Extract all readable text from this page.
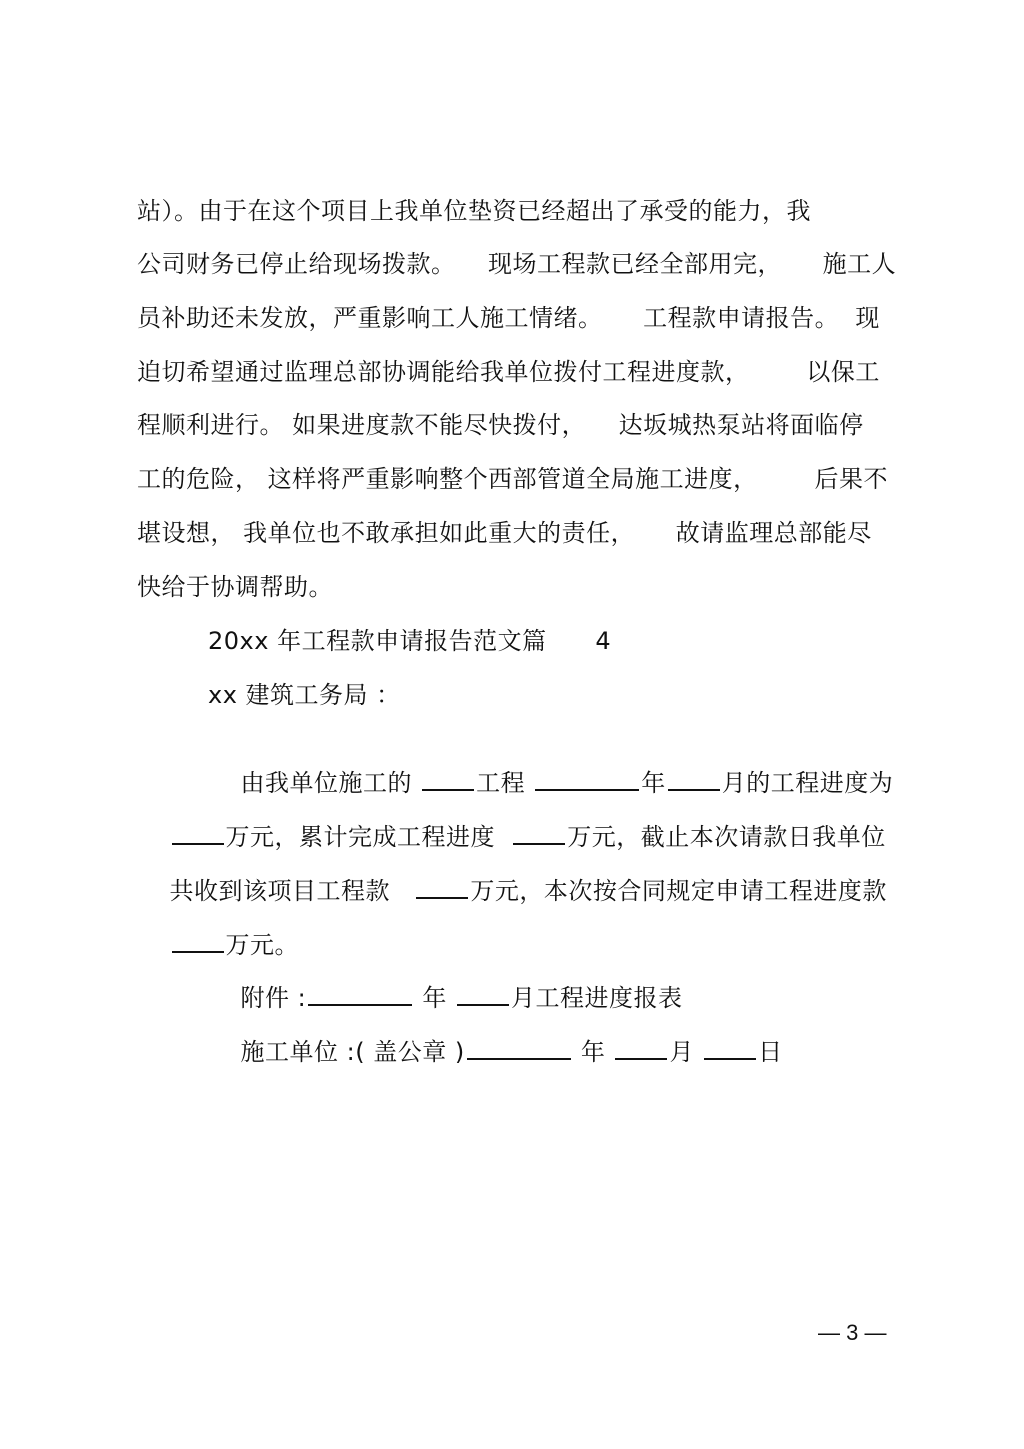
站）。由于在这个项目上我单位垫资已经超出了承受的能力，我
公司财务已停止给现场拨款。    现场工程款已经全部用完，     施工人
员补助还未发放，严重影响工人施工情绪。     工程款申请报告。  现
迫切希望通过监理总部协调能给我单位拨付工程进度款，       以保工
程顺利进行。 如果进度款不能尽快拨付，    达坂城热泵站将面临停
工的危险， 这样将严重影响整个西部管道全局施工进度，       后果不
堪设想， 我单位也不敢承担如此重大的责任，     故请监理总部能尽
快给于协调帮助。
20xx 年工程款申请报告范文篇      4
xx 建筑工务局 ：

由我单位施工的 工程	年 月的工程进度为

万元，累计完成工程进度  万元，截止本次请款日我单位

共收到该项目工程款   万元，本次按合同规定申请工程进度款

万元。

附件 :	年 月工程进度报表

施工单位 :( 盖公章 )	年 月 日

— 3 —
